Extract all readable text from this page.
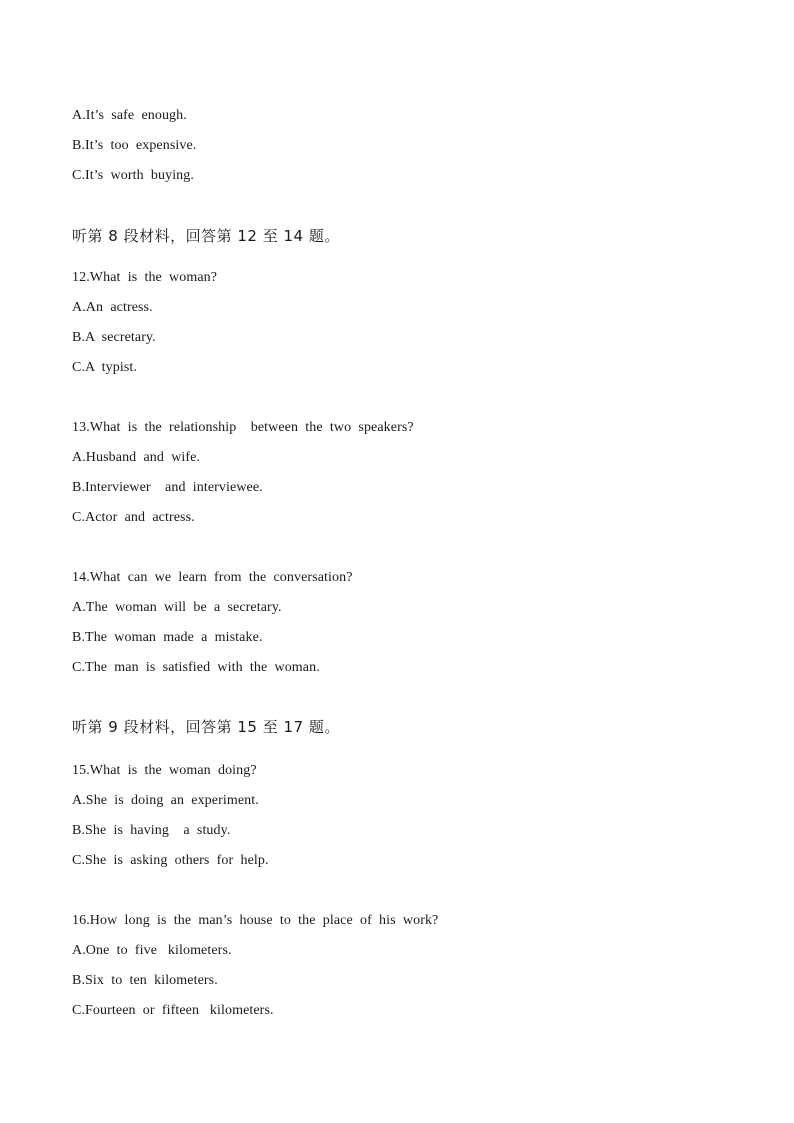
A.It’s  safe  enough.
B.It’s  too  expensive.
C.It’s  worth  buying.
听第 8 段材料，回答第 12 至 14 题。
12.What  is  the  woman?
A.An  actress.
B.A  secretary.
C.A  typist.
13.What  is  the  relationship    between  the  two  speakers?
A.Husband  and  wife.
B.Interviewer    and  interviewee.
C.Actor  and  actress.
14.What  can  we  learn  from  the  conversation?
A.The  woman  will  be  a  secretary.
B.The  woman  made  a  mistake.
C.The  man  is  satisfied  with  the  woman.
听第 9 段材料，回答第 15 至 17 题。
15.What  is  the  woman  doing?
A.She  is  doing  an  experiment.
B.She  is  having    a  study.
C.She  is  asking  others  for  help.
16.How  long  is  the  man’s  house  to  the  place  of  his  work?
A.One  to  five   kilometers.
B.Six  to  ten  kilometers.
C.Fourteen  or  fifteen   kilometers.
